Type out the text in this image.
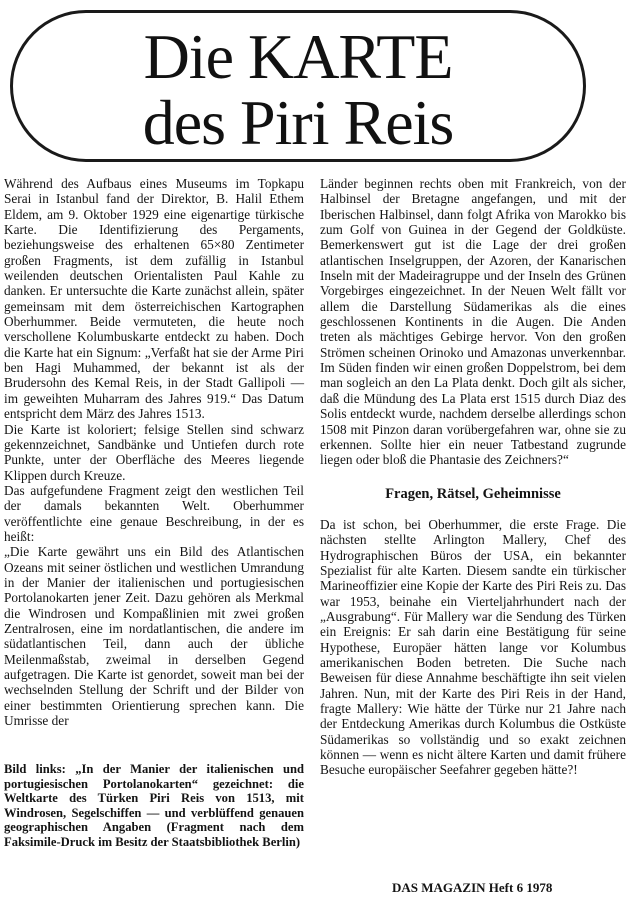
Die KARTE
des Piri Reis

Während des Aufbaus eines Museums im Topkapu Serai in Istanbul fand der Direktor, B. Halil Ethem Eldem, am 9. Oktober 1929 eine eigenartige türkische Karte. Die Identifizierung des Pergaments, beziehungsweise des erhaltenen 65×80 Zentimeter großen Fragments, ist dem zufällig in Istanbul weilenden deutschen Orientalisten Paul Kahle zu danken. Er untersuchte die Karte zunächst allein, später gemeinsam mit dem österreichischen Kartographen Oberhummer. Beide vermuteten, die heute noch verschollene Kolumbuskarte entdeckt zu haben. Doch die Karte hat ein Signum: „Verfaßt hat sie der Arme Piri ben Hagi Muhammed, der bekannt ist als der Brudersohn des Kemal Reis, in der Stadt Gallipoli — im geweihten Muharram des Jahres 919.“ Das Datum entspricht dem März des Jahres 1513.

Die Karte ist koloriert; felsige Stellen sind schwarz gekennzeichnet, Sandbänke und Untiefen durch rote Punkte, unter der Oberfläche des Meeres liegende Klippen durch Kreuze.

Das aufgefundene Fragment zeigt den westlichen Teil der damals bekannten Welt. Oberhummer veröffentlichte eine genaue Beschreibung, in der es heißt:

„Die Karte gewährt uns ein Bild des Atlantischen Ozeans mit seiner östlichen und westlichen Umrandung in der Manier der italienischen und portugiesischen Portolanokarten jener Zeit. Dazu gehören als Merkmal die Windrosen und Kompaßlinien mit zwei großen Zentralrosen, eine im nordatlantischen, die andere im südatlantischen Teil, dann auch der übliche Meilenmaßstab, zweimal in derselben Gegend aufgetragen. Die Karte ist genordet, soweit man bei der wechselnden Stellung der Schrift und der Bilder von einer bestimmten Orientierung sprechen kann. Die Umrisse der

Bild links: „In der Manier der italienischen und portugiesischen Portolanokarten“ gezeichnet: die Weltkarte des Türken Piri Reis von 1513, mit Windrosen, Segelschiffen — und verblüffend genauen geographischen Angaben (Fragment nach dem Faksimile-Druck im Besitz der Staatsbibliothek Berlin)

Länder beginnen rechts oben mit Frankreich, von der Halbinsel der Bretagne angefangen, und mit der Iberischen Halbinsel, dann folgt Afrika von Marokko bis zum Golf von Guinea in der Gegend der Goldküste. Bemerkenswert gut ist die Lage der drei großen atlantischen Inselgruppen, der Azoren, der Kanarischen Inseln mit der Madeiragruppe und der Inseln des Grünen Vorgebirges eingezeichnet. In der Neuen Welt fällt vor allem die Darstellung Südamerikas als die eines geschlossenen Kontinents in die Augen. Die Anden treten als mächtiges Gebirge hervor. Von den großen Strömen scheinen Orinoko und Amazonas unverkennbar. Im Süden finden wir einen großen Doppelstrom, bei dem man sogleich an den La Plata denkt. Doch gilt als sicher, daß die Mündung des La Plata erst 1515 durch Diaz des Solis entdeckt wurde, nachdem derselbe allerdings schon 1508 mit Pinzon daran vorübergefahren war, ohne sie zu erkennen. Sollte hier ein neuer Tatbestand zugrunde liegen oder bloß die Phantasie des Zeichners?“

Fragen, Rätsel, Geheimnisse

Da ist schon, bei Oberhummer, die erste Frage. Die nächsten stellte Arlington Mallery, Chef des Hydrographischen Büros der USA, ein bekannter Spezialist für alte Karten. Diesem sandte ein türkischer Marineoffizier eine Kopie der Karte des Piri Reis zu. Das war 1953, beinahe ein Vierteljahrhundert nach der „Ausgrabung“. Für Mallery war die Sendung des Türken ein Ereignis: Er sah darin eine Bestätigung für seine Hypothese, Europäer hätten lange vor Kolumbus amerikanischen Boden betreten. Die Suche nach Beweisen für diese Annahme beschäftigte ihn seit vielen Jahren. Nun, mit der Karte des Piri Reis in der Hand, fragte Mallery: Wie hätte der Türke nur 21 Jahre nach der Entdeckung Amerikas durch Kolumbus die Ostküste Südamerikas so vollständig und so exakt zeichnen können — wenn es nicht ältere Karten und damit frühere Besuche europäischer Seefahrer gegeben hätte?!

DAS MAGAZIN Heft 6 1978
